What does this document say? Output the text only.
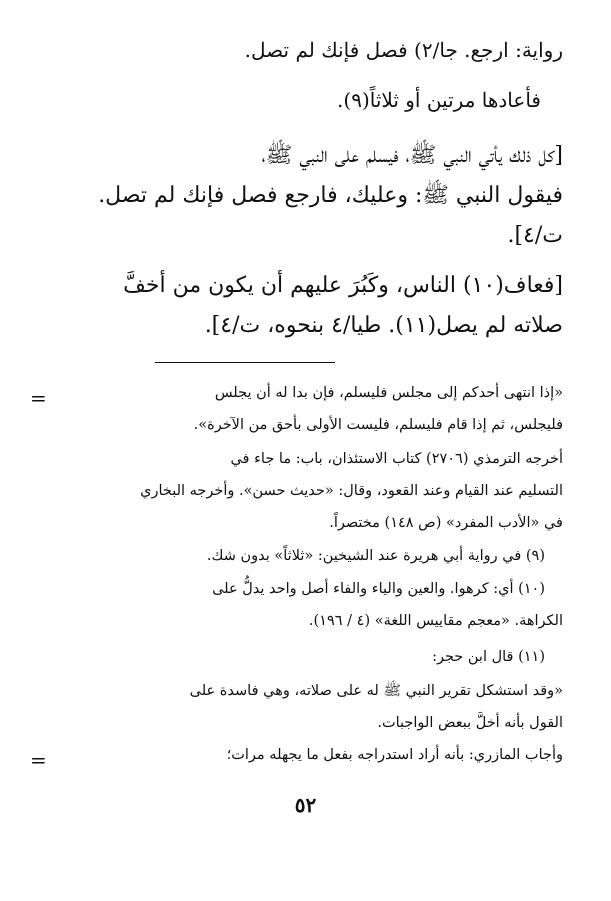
رواية: ارجع. جا/٢) فصل فإنك لم تصل.

فأعادها مرتين أو ثلاثاً(٩).

[كل ذلك يأتي النبي ﷺ، فيسلم على النبي ﷺ،

فيقول النبي ﷺ: وعليك، فارجع فصل فإنك لم تصل.

ت/٤].

[فعاف(١٠) الناس، وكَبُرَ عليهم أن يكون من أخفَّ

صلاته لم يصل(١١). طيا/٤ بنحوه، ت/٤].

=	«إذا انتهى أحدكم إلى مجلس فليسلم، فإن بدا له أن يجلس

فليجلس، ثم إذا قام فليسلم، فليست الأولى بأحق من الآخرة».

أخرجه الترمذي (٢٧٠٦) كتاب الاستئذان، باب: ما جاء في

التسليم عند القيام وعند القعود، وقال: «حديث حسن». وأخرجه البخاري

في «الأدب المفرد» (ص ١٤٨) مختصراً.

(٩) في رواية أبي هريرة عند الشيخين: «ثلاثاً» بدون شك.

(١٠) أي: كرهوا. والعين والياء والفاء أصل واحد يدلُّ على

الكراهة. «معجم مقاييس اللغة» (٤ / ١٩٦).

(١١) قال ابن حجر:

«وقد استشكل تقرير النبي ﷺ له على صلاته، وهي فاسدة على

القول بأنه أخلَّ ببعض الواجبات.

وأجاب المازري: بأنه أراد استدراجه بفعل ما يجهله مرات؛

=
٥٢
